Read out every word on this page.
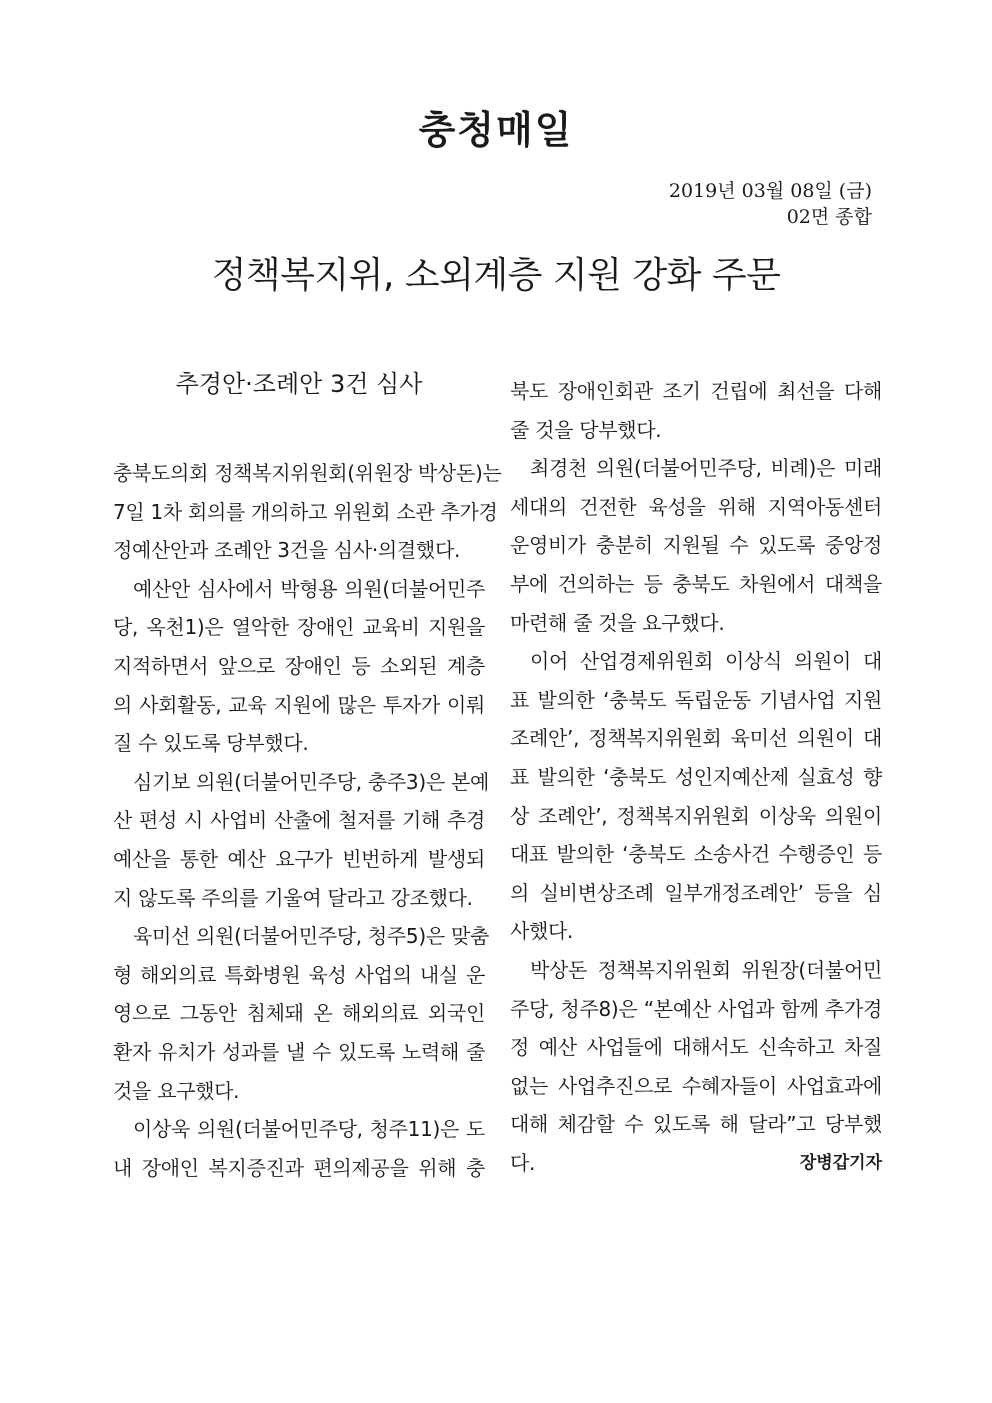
충청매일
2019년 03월 08일 (금)
02면 종합
정책복지위, 소외계층 지원 강화 주문
추경안·조례안 3건 심사
충북도의회 정책복지위원회(위원장 박상돈)는
7일 1차 회의를 개의하고 위원회 소관 추가경
정예산안과 조례안 3건을 심사·의결했다.
예산안 심사에서 박형용 의원(더불어민주
당, 옥천1)은 열악한 장애인 교육비 지원을
지적하면서 앞으로 장애인 등 소외된 계층
의 사회활동, 교육 지원에 많은 투자가 이뤄
질 수 있도록 당부했다.
심기보 의원(더불어민주당, 충주3)은 본예
산 편성 시 사업비 산출에 철저를 기해 추경
예산을 통한 예산 요구가 빈번하게 발생되
지 않도록 주의를 기울여 달라고 강조했다.
육미선 의원(더불어민주당, 청주5)은 맞춤
형 해외의료 특화병원 육성 사업의 내실 운
영으로 그동안 침체돼 온 해외의료 외국인
환자 유치가 성과를 낼 수 있도록 노력해 줄
것을 요구했다.
이상욱 의원(더불어민주당, 청주11)은 도
내 장애인 복지증진과 편의제공을 위해 충
북도 장애인회관 조기 건립에 최선을 다해
줄 것을 당부했다.
최경천 의원(더불어민주당, 비례)은 미래
세대의 건전한 육성을 위해 지역아동센터
운영비가 충분히 지원될 수 있도록 중앙정
부에 건의하는 등 충북도 차원에서 대책을
마련해 줄 것을 요구했다.
이어 산업경제위원회 이상식 의원이 대
표 발의한 ‘충북도 독립운동 기념사업 지원
조례안’, 정책복지위원회 육미선 의원이 대
표 발의한 ‘충북도 성인지예산제 실효성 향
상 조례안’, 정책복지위원회 이상욱 의원이
대표 발의한 ‘충북도 소송사건 수행증인 등
의 실비변상조례 일부개정조례안’ 등을 심
사했다.
박상돈 정책복지위원회 위원장(더불어민
주당, 청주8)은 “본예산 사업과 함께 추가경
정 예산 사업들에 대해서도 신속하고 차질
없는 사업추진으로 수혜자들이 사업효과에
대해 체감할 수 있도록 해 달라”고 당부했
다.	장병갑기자
